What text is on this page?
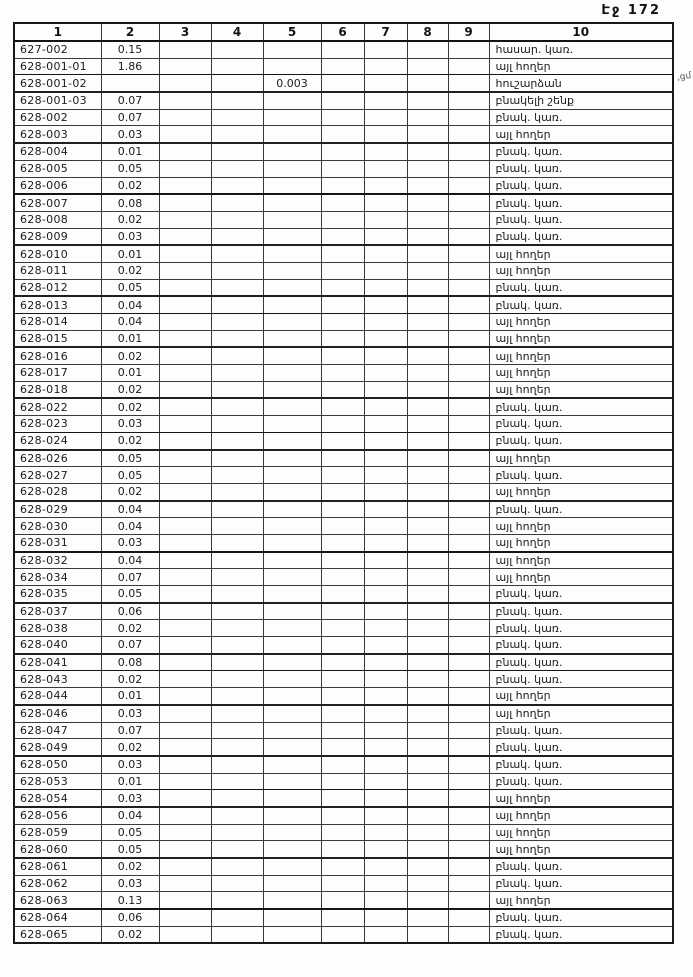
Էջ 172
,ցմ
1	2	3	4	5	6	7	8	9	10
627-002	0.15								հասար. կառ.
628-001-01	1.86								այլ հողեր
628-001-02				0.003					հուշարձան
628-001-03	0.07								բնակելի շենք
628-002	0.07								բնակ. կառ.
628-003	0.03								այլ հողեր
628-004	0.01								բնակ. կառ.
628-005	0.05								բնակ. կառ.
628-006	0.02								բնակ. կառ.
628-007	0.08								բնակ. կառ.
628-008	0.02								բնակ. կառ.
628-009	0.03								բնակ. կառ.
628-010	0.01								այլ հողեր
628-011	0.02								այլ հողեր
628-012	0.05								բնակ. կառ.
628-013	0.04								բնակ. կառ.
628-014	0.04								այլ հողեր
628-015	0.01								այլ հողեր
628-016	0.02								այլ հողեր
628-017	0.01								այլ հողեր
628-018	0.02								այլ հողեր
628-022	0.02								բնակ. կառ.
628-023	0.03								բնակ. կառ.
628-024	0.02								բնակ. կառ.
628-026	0.05								այլ հողեր
628-027	0.05								բնակ. կառ.
628-028	0.02								այլ հողեր
628-029	0.04								բնակ. կառ.
628-030	0.04								այլ հողեր
628-031	0.03								այլ հողեր
628-032	0.04								այլ հողեր
628-034	0.07								այլ հողեր
628-035	0.05								բնակ. կառ.
628-037	0.06								բնակ. կառ.
628-038	0.02								բնակ. կառ.
628-040	0.07								բնակ. կառ.
628-041	0.08								բնակ. կառ.
628-043	0.02								բնակ. կառ.
628-044	0.01								այլ հողեր
628-046	0.03								այլ հողեր
628-047	0.07								բնակ. կառ.
628-049	0.02								բնակ. կառ.
628-050	0.03								բնակ. կառ.
628-053	0.01								բնակ. կառ.
628-054	0.03								այլ հողեր
628-056	0.04								այլ հողեր
628-059	0.05								այլ հողեր
628-060	0.05								այլ հողեր
628-061	0.02								բնակ. կառ.
628-062	0.03								բնակ. կառ.
628-063	0.13								այլ հողեր
628-064	0.06								բնակ. կառ.
628-065	0.02								բնակ. կառ.
